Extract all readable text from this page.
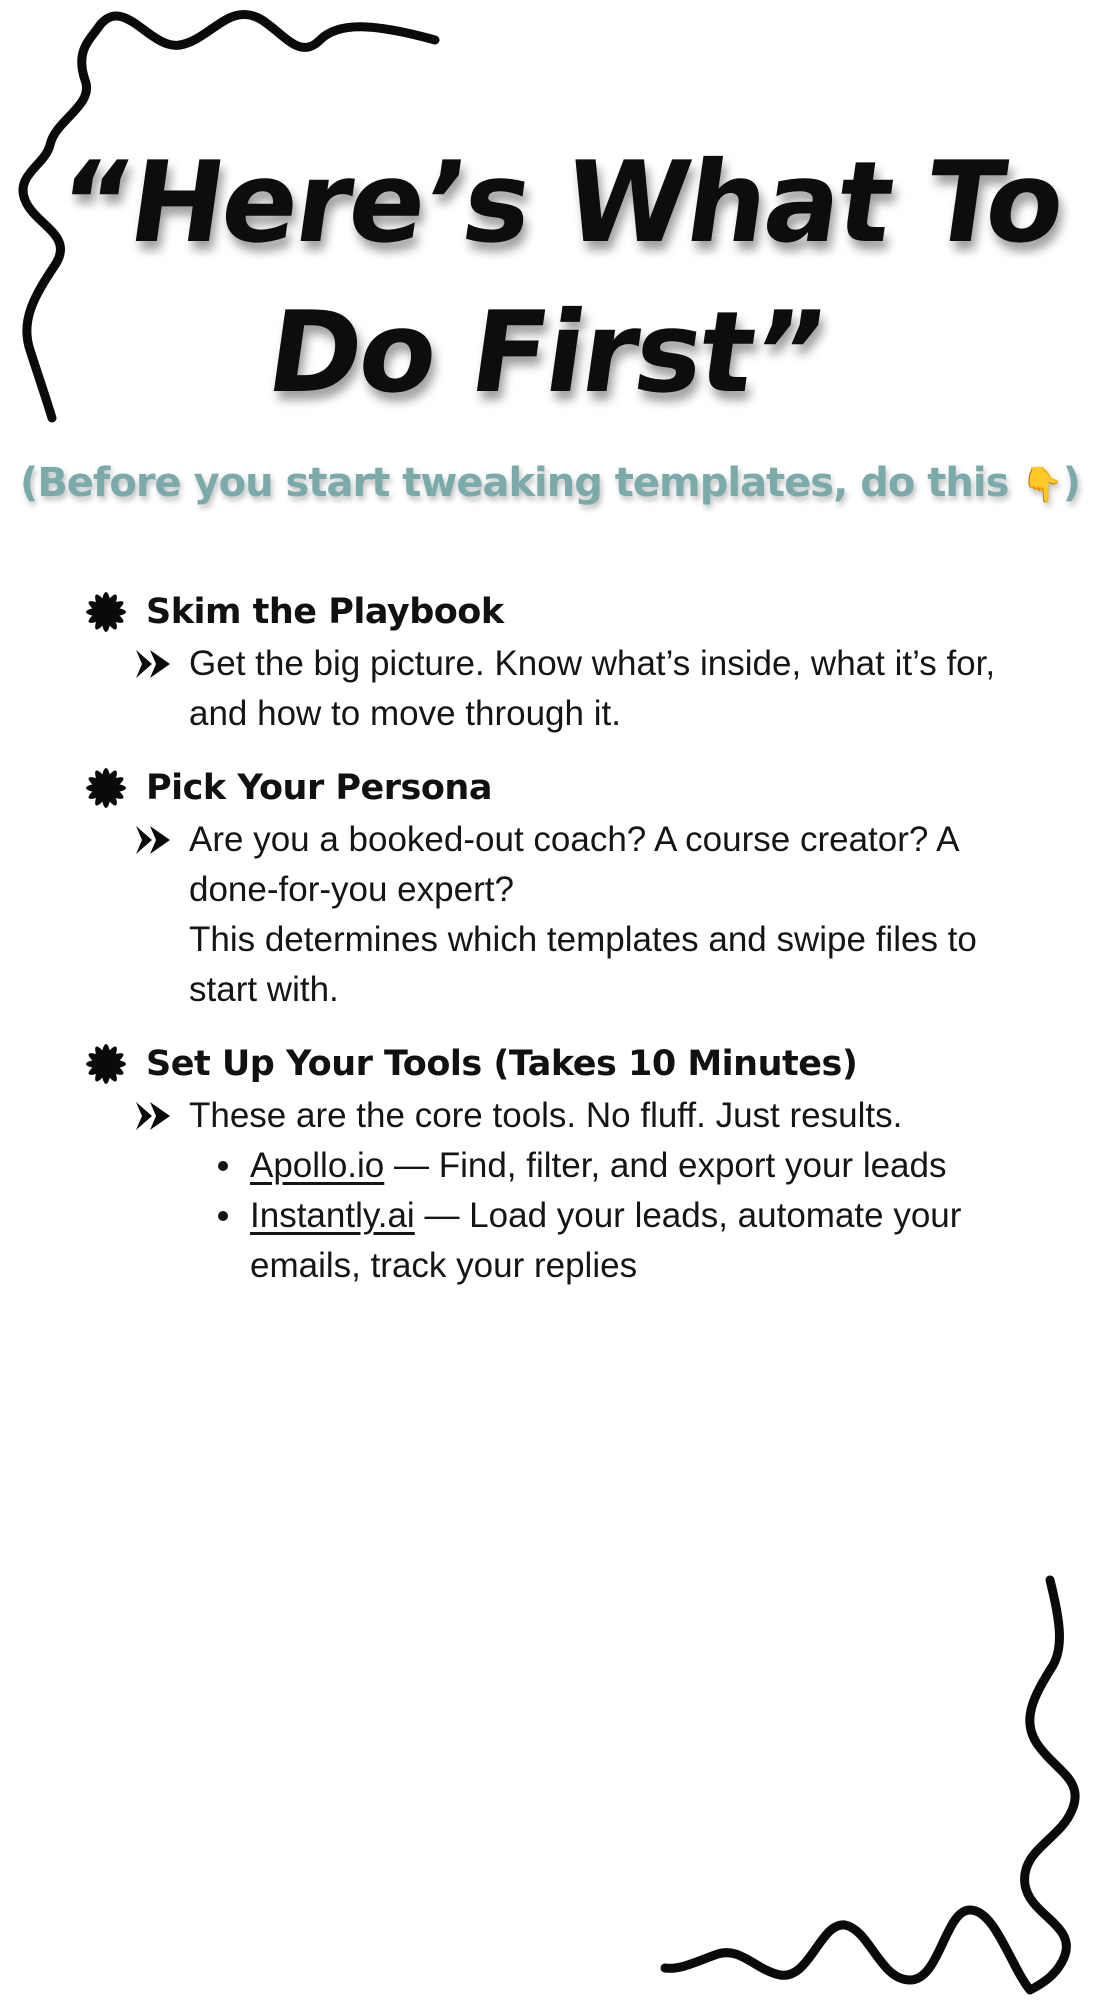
“Here’s What To
Do First”
(Before you start tweaking templates, do this 👇)
Skim the Playbook
Get the big picture. Know what’s inside, what it’s for, and how to move through it.
Pick Your Persona
Are you a booked-out coach? A course creator? A done-for-you expert?
This determines which templates and swipe files to start with.
Set Up Your Tools (Takes 10 Minutes)
These are the core tools. No fluff. Just results.
Apollo.io — Find, filter, and export your leads
Instantly.ai — Load your leads, automate your emails, track your replies
